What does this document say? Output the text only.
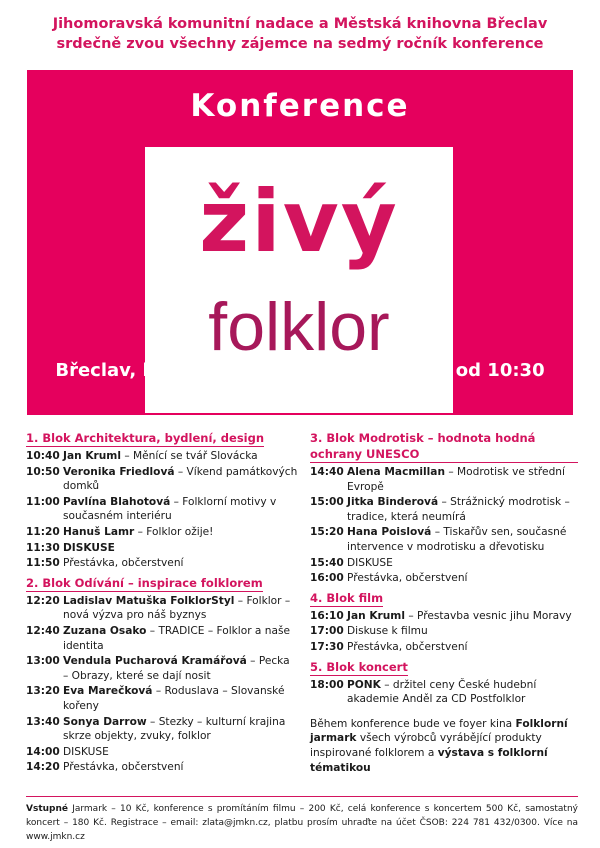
Jihomoravská komunitní nadace a Městská knihovna Břeclav
srdečně zvou všechny zájemce na sedmý ročník konference
Konference
živý
folklor
Břeclav, kino Koruna, pátek 29. března od 10:30
1. Blok Architektura, bydlení, design
10:40 Jan Kruml – Měnící se tvář Slovácka
10:50 Veronika Friedlová – Víkend památkových domků
11:00 Pavlína Blahotová – Folklorní motivy v současném interiéru
11:20 Hanuš Lamr – Folklor ožije!
11:30 DISKUSE
11:50 Přestávka, občerstvení
2. Blok Odívání – inspirace folklorem
12:20 Ladislav Matuška FolklorStyl – Folklor – nová výzva pro náš byznys
12:40 Zuzana Osako – TRADICE – Folklor a naše identita
13:00 Vendula Pucharová Kramářová – Pecka – Obrazy, které se dají nosit
13:20 Eva Marečková – Roduslava – Slovanské kořeny
13:40 Sonya Darrow – Stezky – kulturní krajina skrze objekty, zvuky, folklor
14:00 DISKUSE
14:20 Přestávka, občerstvení
3. Blok Modrotisk – hodnota hodná ochrany UNESCO
14:40 Alena Macmillan – Modrotisk ve střední Evropě
15:00 Jitka Binderová – Strážnický modrotisk – tradice, která neumírá
15:20 Hana Poislová – Tiskařův sen, současné intervence v modrotisku a dřevotisku
15:40 DISKUSE
16:00 Přestávka, občerstvení
4. Blok film
16:10 Jan Kruml – Přestavba vesnic jihu Moravy
17:00 Diskuse k filmu
17:30 Přestávka, občerstvení
5. Blok koncert
18:00 PONK – držitel ceny České hudební akademie Anděl za CD Postfolklor
Během konference bude ve foyer kina Folklorní jarmark všech výrobců vyrábějící produkty inspirované folklorem a výstava s folklorní tématikou
Vstupné Jarmark – 10 Kč, konference s promítáním filmu – 200 Kč, celá konference s koncertem 500 Kč, samostatný koncert – 180 Kč. Registrace – email: zlata@jmkn.cz, platbu prosím uhraďte na účet ČSOB: 224 781 432/0300. Více na www.jmkn.cz
